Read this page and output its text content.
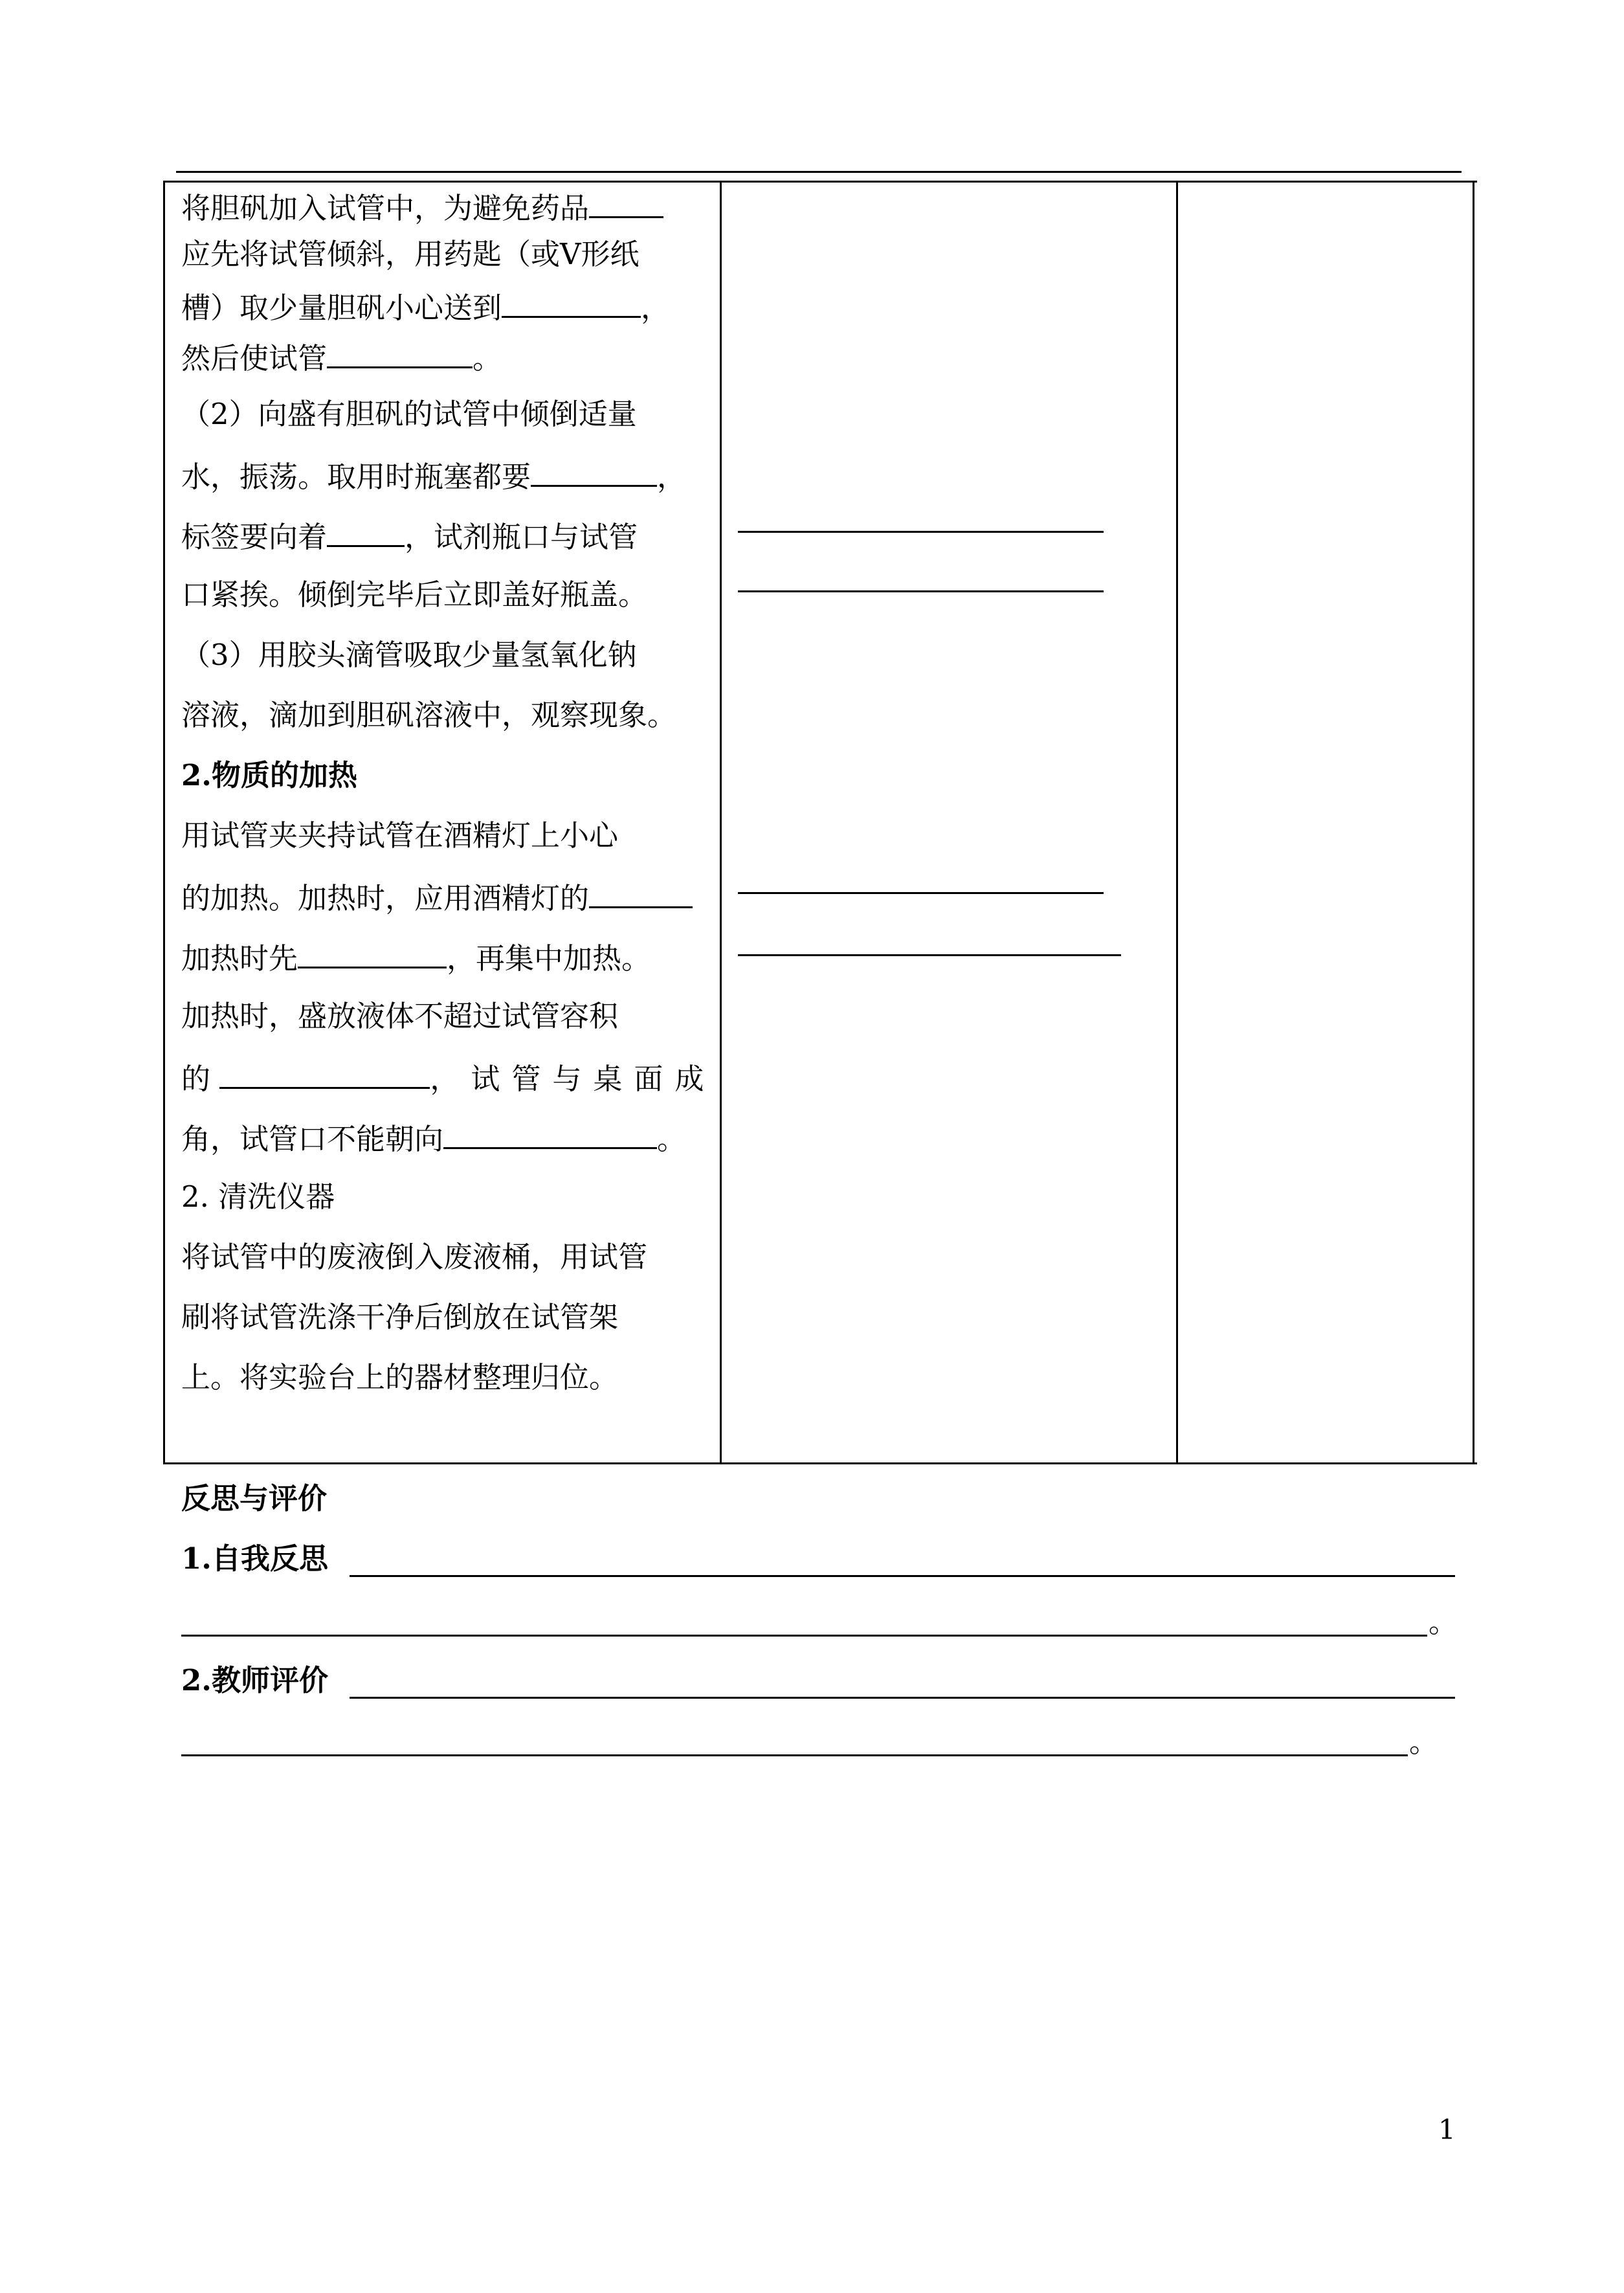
将胆矾加入试管中，为避免药品
应先将试管倾斜，用药匙（或V形纸
槽）取少量胆矾小心送到	，
然后使试管	。
（2）向盛有胆矾的试管中倾倒适量
水，振荡。取用时瓶塞都要	，
标签要向着	，试剂瓶口与试管
口紧挨。倾倒完毕后立即盖好瓶盖。
（3）用胶头滴管吸取少量氢氧化钠
溶液，滴加到胆矾溶液中，观察现象。
2.物质的加热
用试管夹夹持试管在酒精灯上小心
的加热。加热时，应用酒精灯的
加热时先	，再集中加热。
加热时，盛放液体不超过试管容积
的	，试管与桌面成
角，试管口不能朝向	。
2. 清洗仪器
将试管中的废液倒入废液桶，用试管
刷将试管洗涤干净后倒放在试管架
上。将实验台上的器材整理归位。
反思与评价
1.自我反思
。
2.教师评价
。
1
